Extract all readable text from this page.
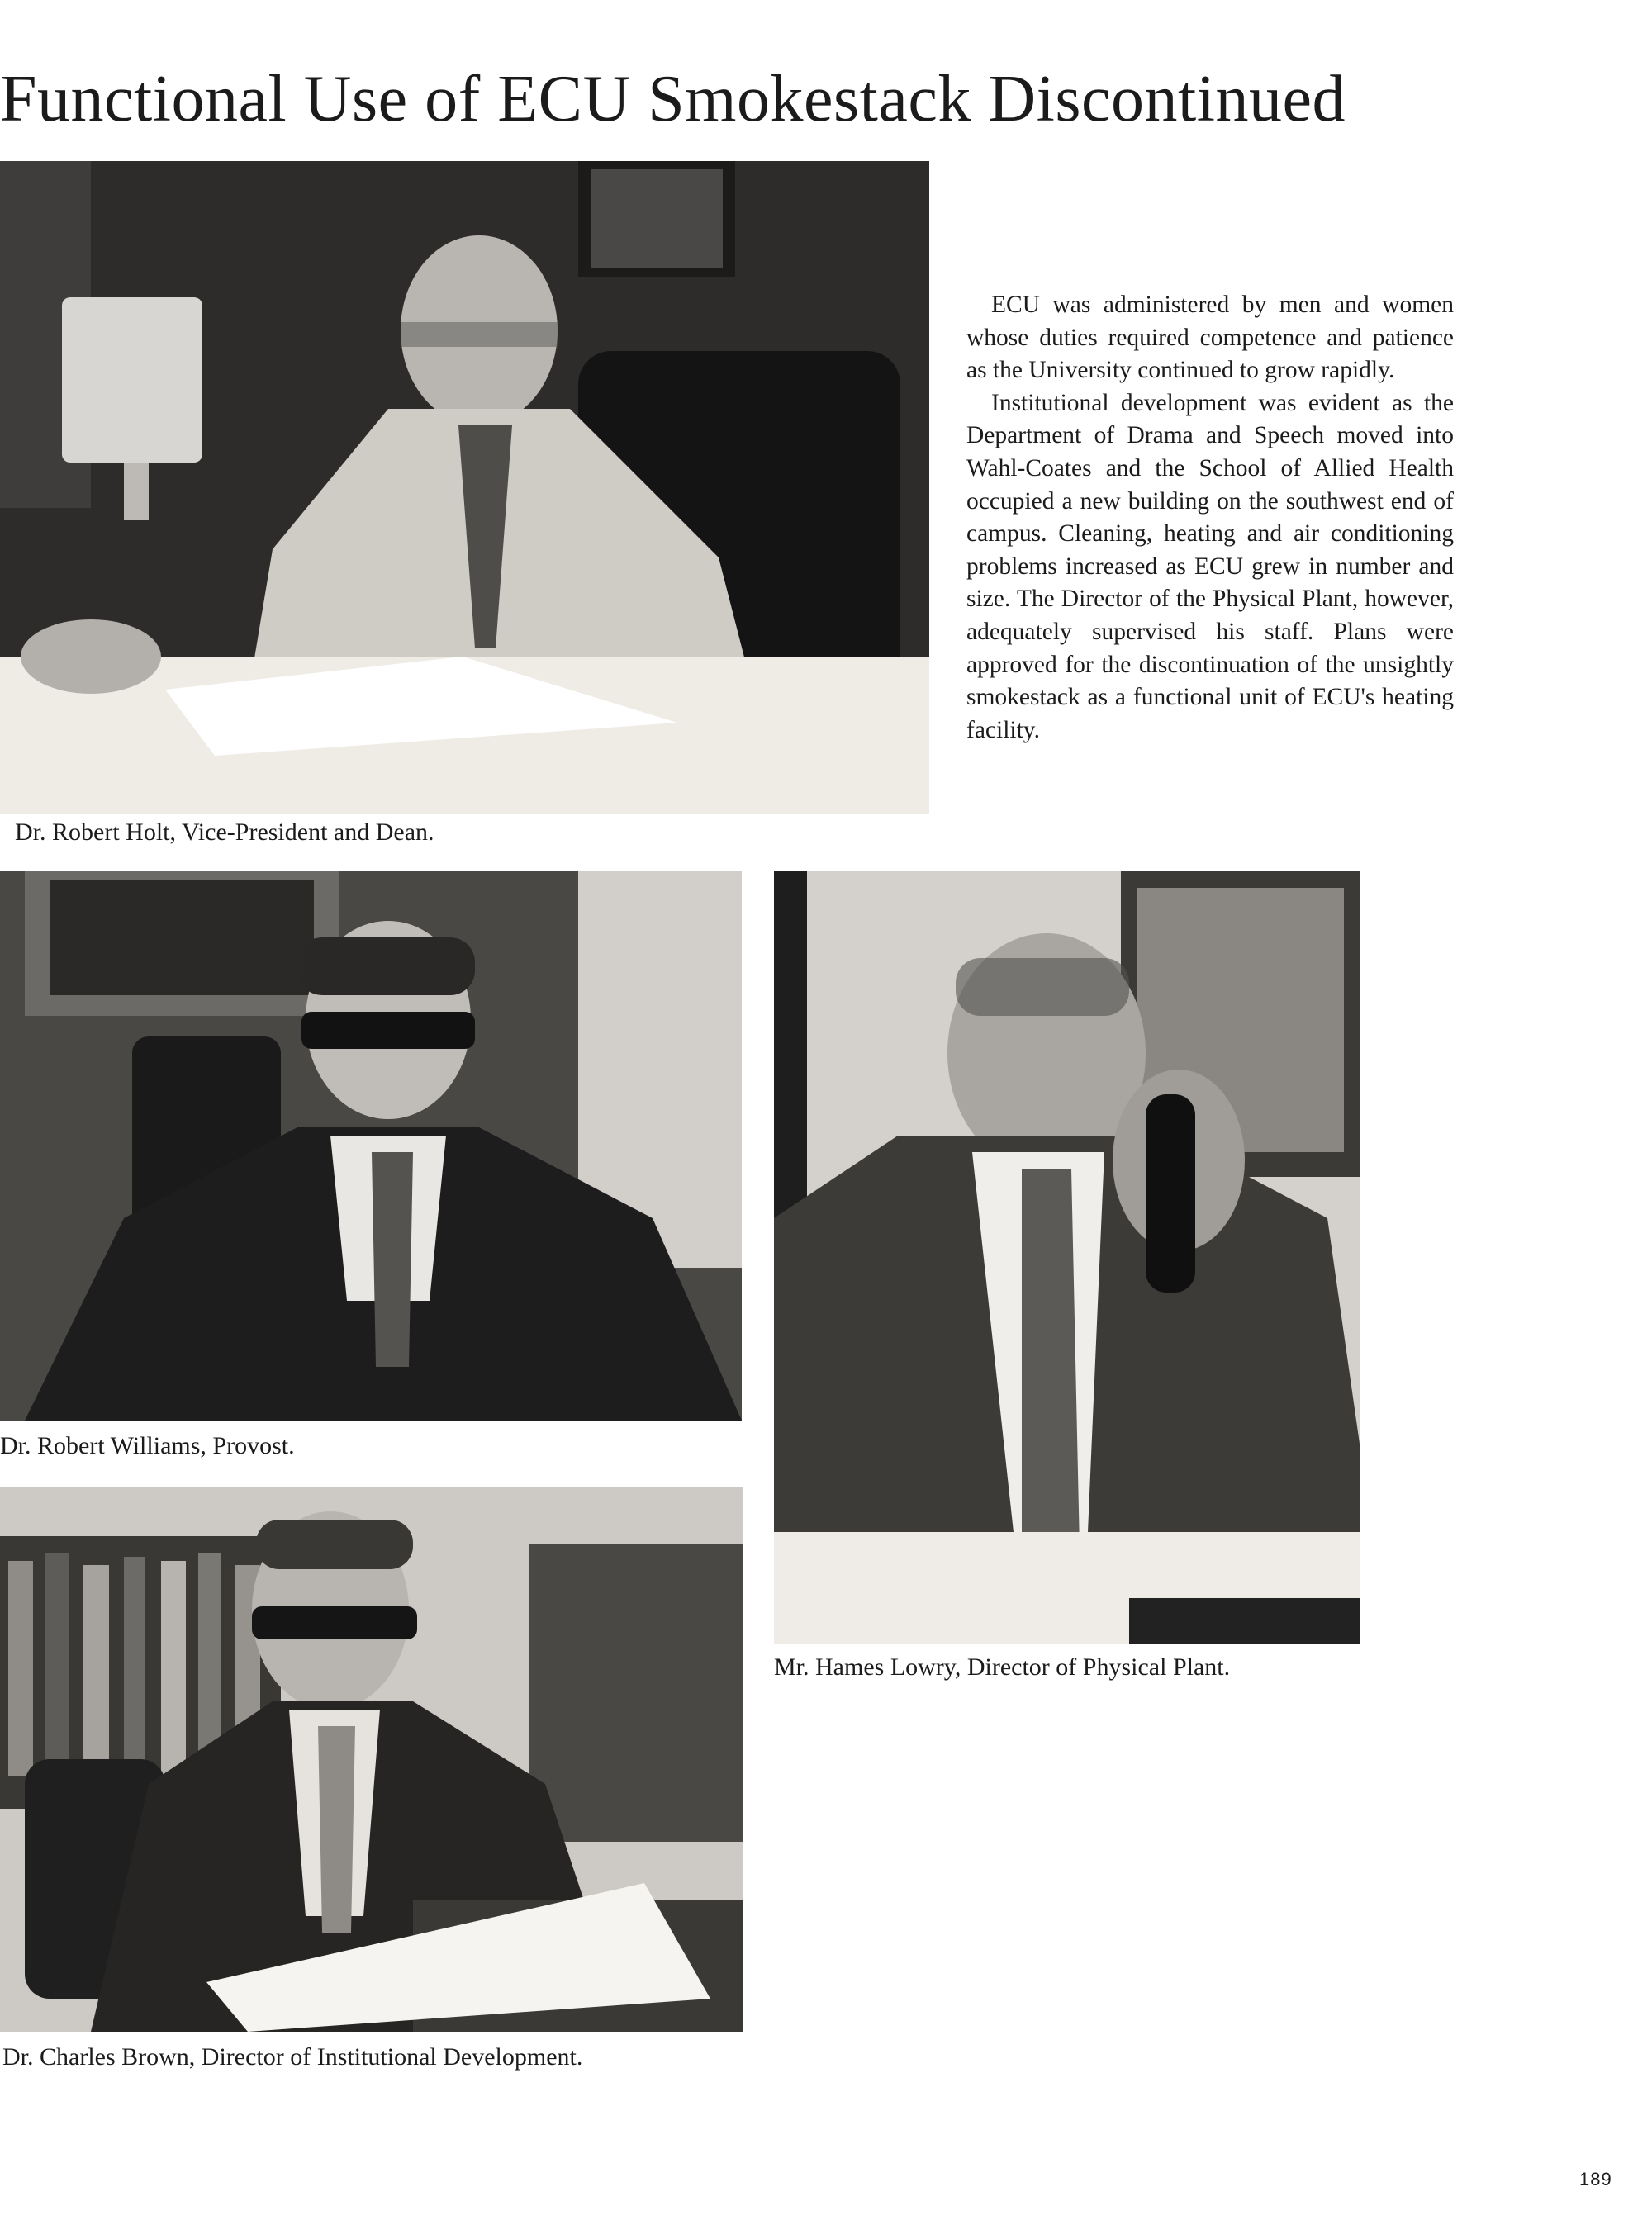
Functional Use of ECU Smokestack Discontinued

Dr. Robert Holt, Vice-President and Dean.

ECU was administered by men and women whose duties required competence and patience as the University continued to grow rapidly.

Institutional development was evident as the Department of Drama and Speech moved into Wahl-Coates and the School of Allied Health occupied a new building on the southwest end of campus. Cleaning, heating and air conditioning problems increased as ECU grew in number and size. The Director of the Physical Plant, however, adequately supervised his staff. Plans were approved for the discontinuation of the unsightly smokestack as a functional unit of ECU's heating facility.

Dr. Robert Williams, Provost.

Mr. Hames Lowry, Director of Physical Plant.

Dr. Charles Brown, Director of Institutional Development.

189
